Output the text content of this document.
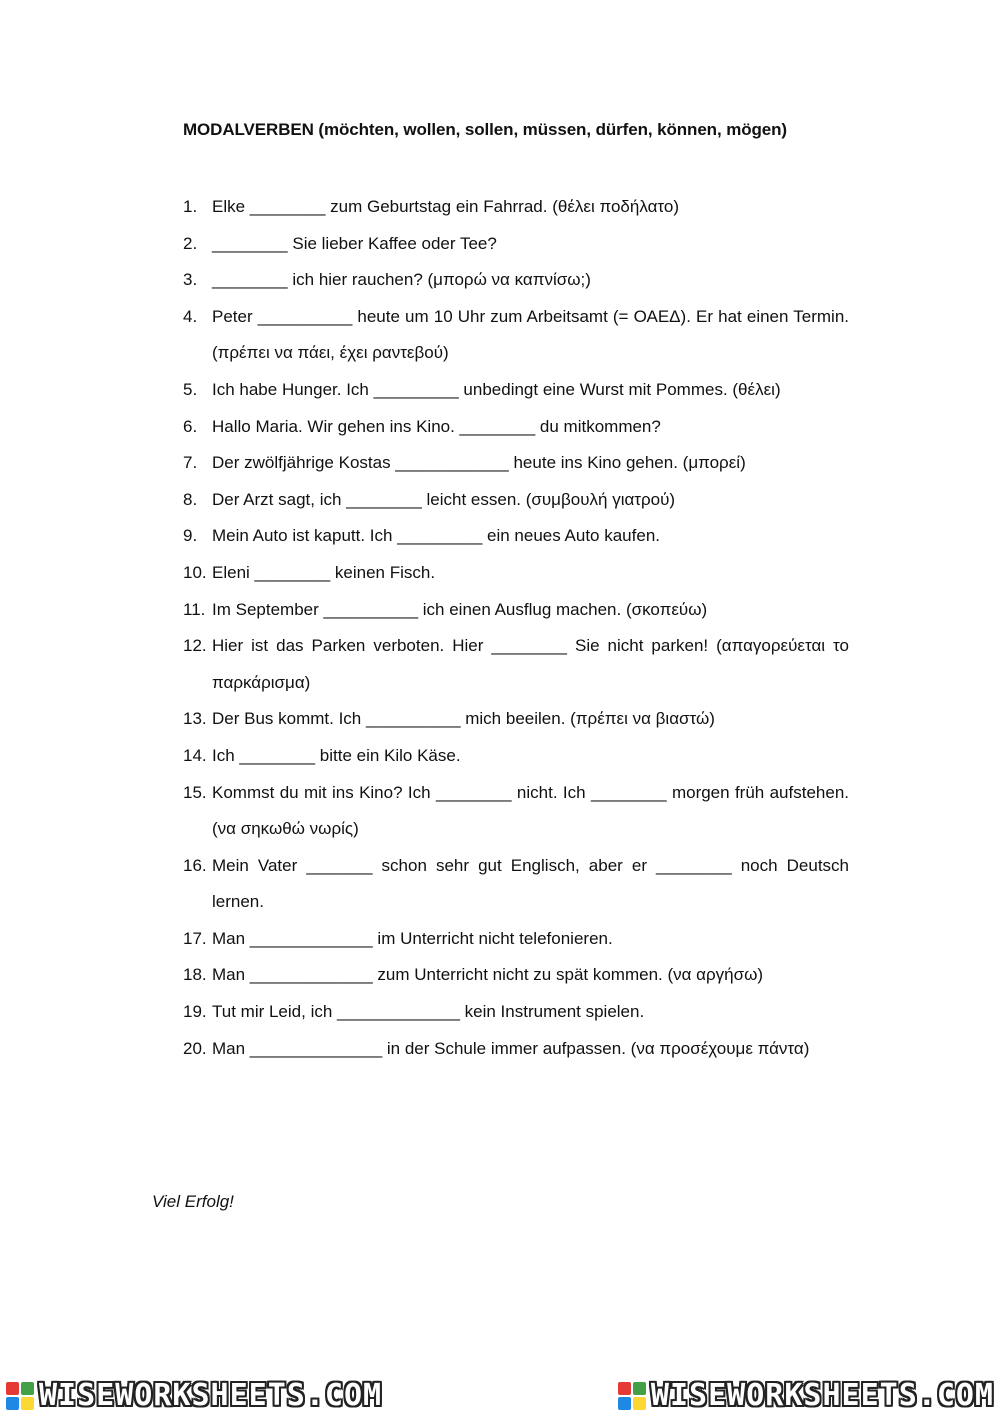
MODALVERBEN (möchten, wollen, sollen, müssen, dürfen, können, mögen)
1. Elke ________ zum Geburtstag ein Fahrrad. (θέλει ποδήλατο)
2. ________ Sie lieber Kaffee oder Tee?
3. ________ ich hier rauchen? (μπορώ να καπνίσω;)
4. Peter __________ heute um 10 Uhr zum Arbeitsamt (= ΟΑΕΔ). Er hat einen Termin. (πρέπει να πάει, έχει ραντεβού)
5. Ich habe Hunger. Ich _________ unbedingt eine Wurst mit Pommes. (θέλει)
6. Hallo Maria. Wir gehen ins Kino. ________ du mitkommen?
7. Der zwölfjährige Kostas ____________ heute ins Kino gehen. (μπορεί)
8. Der Arzt sagt, ich ________ leicht essen. (συμβουλή γιατρού)
9. Mein Auto ist kaputt. Ich _________ ein neues Auto kaufen.
10. Eleni ________ keinen Fisch.
11. Im September __________ ich einen Ausflug machen. (σκοπεύω)
12. Hier ist das Parken verboten. Hier ________ Sie nicht parken! (απαγορεύεται το παρκάρισμα)
13. Der Bus kommt. Ich __________ mich beeilen. (πρέπει να βιαστώ)
14. Ich ________ bitte ein Kilo Käse.
15. Kommst du mit ins Kino? Ich ________ nicht. Ich ________ morgen früh aufstehen. (να σηκωθώ νωρίς)
16. Mein Vater _______ schon sehr gut Englisch, aber er ________ noch Deutsch lernen.
17. Man _____________ im Unterricht nicht telefonieren.
18. Man _____________ zum Unterricht nicht zu spät kommen. (να αργήσω)
19. Tut mir Leid, ich _____________ kein Instrument spielen.
20. Man ______________ in der Schule immer aufpassen. (να προσέχουμε πάντα)
Viel Erfolg!
WISEWORKSHEETS.COM	WISEWORKSHEETS.COM
